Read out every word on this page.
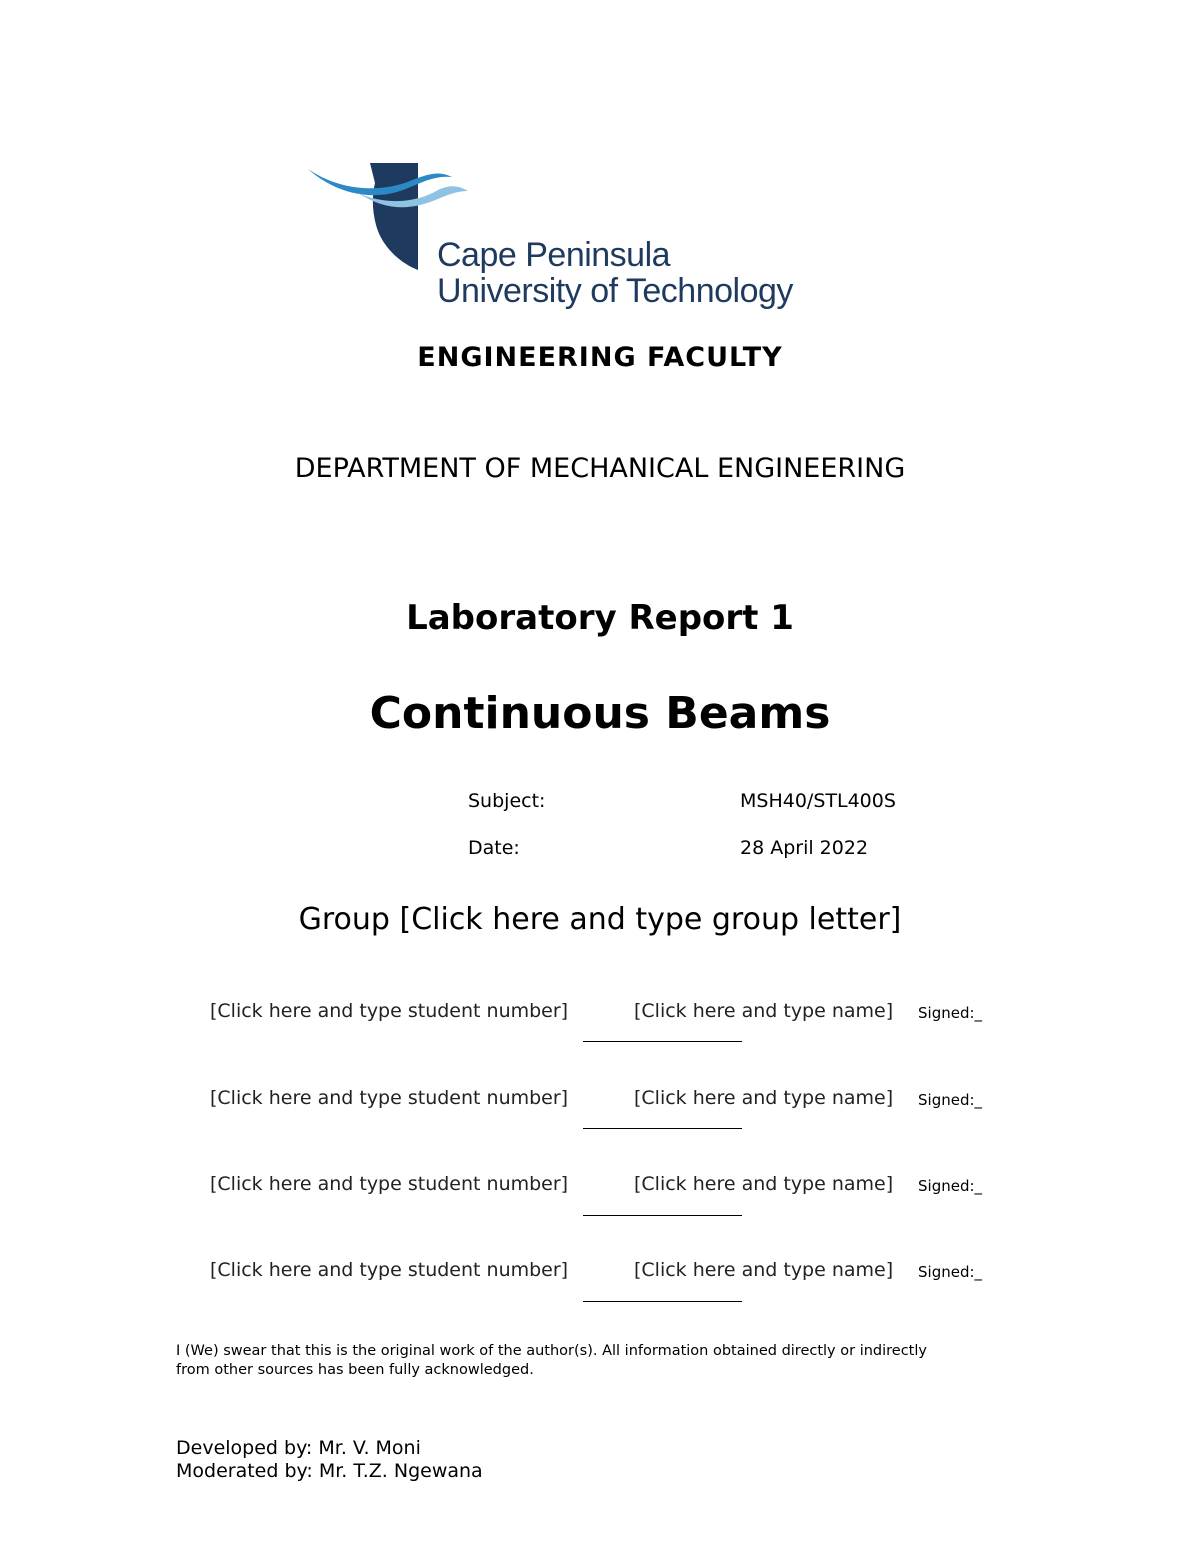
Cape Peninsula
University of Technology
ENGINEERING FACULTY
DEPARTMENT OF MECHANICAL ENGINEERING
Laboratory Report 1
Continuous Beams
Subject:	MSH40/STL400S
Date:	28 April 2022
Group [Click here and type group letter]
[Click here and type student number]	[Click here and type name] Signed:_
[Click here and type student number]	[Click here and type name] Signed:_
[Click here and type student number]	[Click here and type name] Signed:_
[Click here and type student number]	[Click here and type name] Signed:_
I (We) swear that this is the original work of the author(s). All information obtained directly or indirectly
from other sources has been fully acknowledged.
Developed by: Mr. V. Moni
Moderated by: Mr. T.Z. Ngewana
